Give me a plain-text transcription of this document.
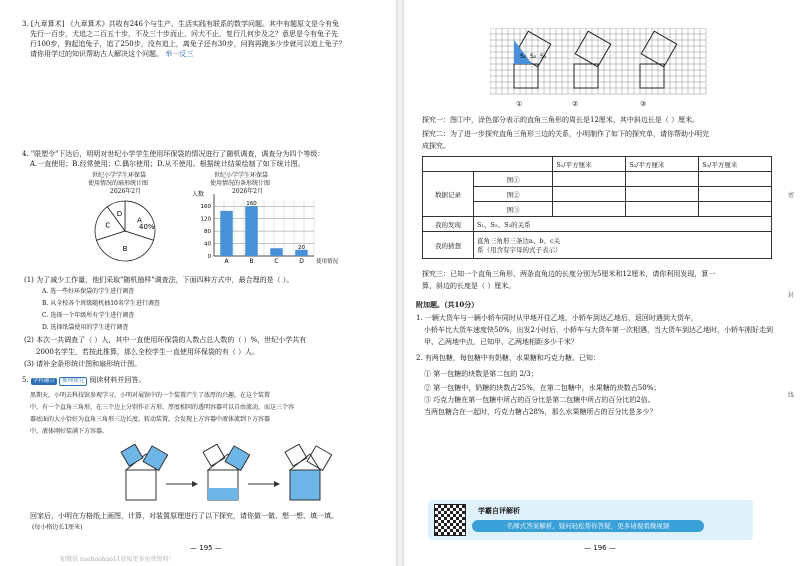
3. [九章算术] 《九章算术》共收有246个与生产、生活实践有联系的数学问题。其中有题原文是今有兔
先行一百步，犬追之二百五十步，不及三十步而止，问犬不止，复行几何步及之？意思是今有兔子先
行100步，狗起追兔子，追了250步，没有追上，离兔子还有30步，问狗再跑多少步就可以追上兔子？
请你用学过的知识帮助古人解决这个问题。 举一反三
4. "限塑令"下达后，明明对世纪小学学生使用环保袋的情况进行了随机调查，调查分为四个等级：
A.一直使用；B.经常使用；C.偶尔使用；D.从不使用。根据统计结果绘制了如下统计图。
世纪小学学生环保袋
使用情况的扇形统计图
2026年2月
世纪小学学生环保袋
使用情况的条形统计图
2026年2月
A
B
C
D
40%
人数
0
40
80
120
160
A	B
160
C	D
20
使用情况
(1) 为了减少工作量，他们采取"随机抽样"调查法，下面四种方式中，最合理的是（ ）。
A. 选一些好环保袋的学生进行调查
B. 从全校各个班级随机抽10名学生进行调查
C. 选择一个年级所有学生进行调查
D. 选择纸袋使用的学生进行调查
(2) 本次一共调查了（ ）人，其中一直使用环保袋的人数占总人数的（ ）%，世纪小学共有
2000名学生，若按此推算，那么全校学生一直使用环保袋的有（ ）人。
(3) 请补全条形统计图和扇形统计图。
5. 学科融合 推理探究 阅读材料并回答。
黑期天，小明去科技馆参观学习，小明对展馆中的一个装置产生了浓厚的兴趣。在这个装置
中，有一个直角三角形，在三个边上分别作正方形，厚度相同的透明容器可以自由流动，而这三个容
器底面的大小恰好为直角三角形三边长度。转动装置，会发现上方容器中液体流到下方容器
中，液体刚好装满下方容器。
回家后，小明在方格纸上画图，计算，对装置原理进行了以下探究，请你做一做、想一想、填一填。
(每小格边长1厘米)
— 195 —
加微信 xuehaohao11获取更多免费资料！
S₁ S₂ S₃
①	②	③
探究一：图①中，涂色部分表示的直角三角形的周长是12厘米，其中斜边长是（ ）厘米。
探究二：为了进一步探究直角三角形三边的关系，小明制作了如下的探究单，请你帮助小明完
成探究。
		S₁/平方厘米	S₂/平方厘米	S₃/平方厘米
数据记录	图①			
	图②			
	图③			
我的发现	S₁、S₂、S₃的关系			
我的猜想	直角三角形三条边a、b、c关
系（用含有字母的式子表示）			
探究三：已知一个直角三角形，两条直角边的长度分别为5厘米和12厘米，请你利用发现，算一
算，斜边的长度是（ ）厘米。
附加题。（共10分）
1. 一辆大货车与一辆小轿车同时从甲地开往乙地，小轿车到达乙地后，返回时遇到大货车，
小轿车比大货车速度快50%，出发2小时后，小轿车与大货车第一次相遇，当大货车到达乙地时，小轿车刚好走到
甲、乙两地中点，已知甲、乙两地相距多少千米？
2. 有两包糖，每包糖中有奶糖、水果糖和巧克力糖。已知：
① 第一包糖的块数是第二包的 2/3；
② 第一包糖中，奶糖的块数占25%，在第二包糖中，水果糖的块数占50%；
③ 巧克力糖在第一包糖中所占的百分比是第二包糖中所占的百分比的2倍。
当两包糖合在一起时，巧克力糖占28%，那么水果糖所占的百分比是多少？
学霸自评解析
名师式答案解析，疑问轻松帮你答疑，更多请观看微视频
— 196 —
密
封
线
